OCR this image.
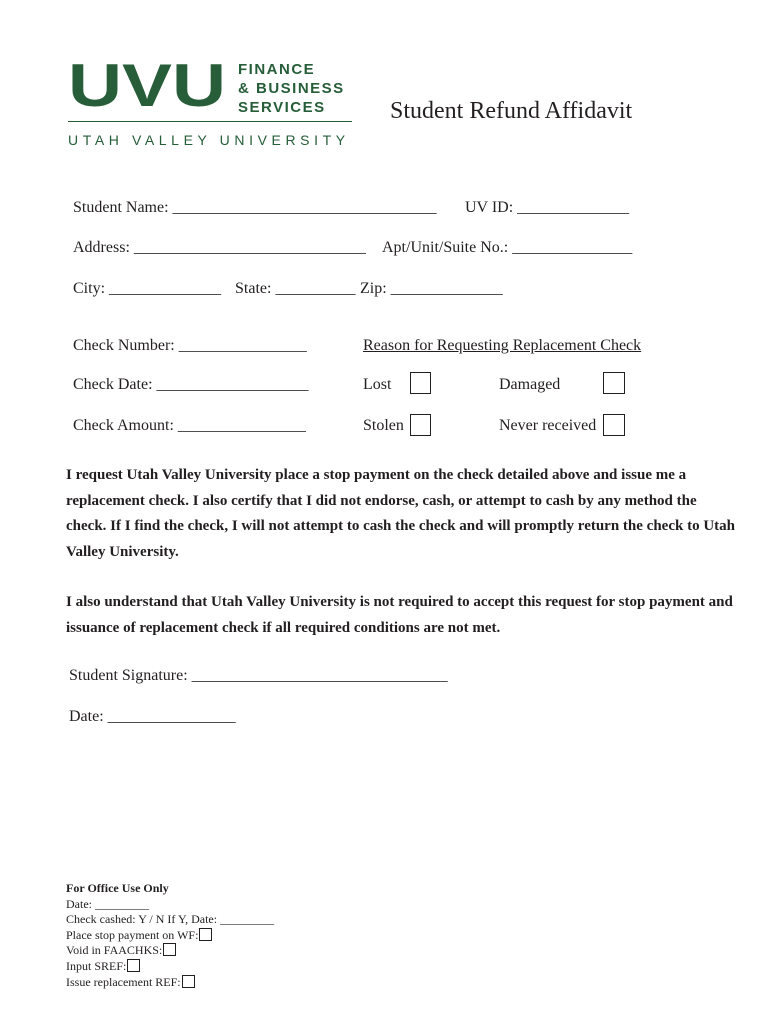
UVU FINANCE
& BUSINESS
SERVICES
UTAH VALLEY UNIVERSITY
Student Refund Affidavit
Student Name: _________________________________ UV ID: ______________
Address: _____________________________ Apt/Unit/Suite No.: _______________
City: ______________ State: __________ Zip: ______________
Check Number: ________________
Check Date: ___________________
Check Amount: ________________
Reason for Requesting Replacement Check
Lost	Damaged
Stolen	Never received
I request Utah Valley University place a stop payment on the check detailed above and issue me a replacement check. I also certify that I did not endorse, cash, or attempt to cash by any method the check. If I find the check, I will not attempt to cash the check and will promptly return the check to Utah Valley University.
I also understand that Utah Valley University is not required to accept this request for stop payment and issuance of replacement check if all required conditions are not met.
Student Signature: ________________________________
Date: ________________
For Office Use Only
Date: _________
Check cashed: Y / N If Y, Date: _________
Place stop payment on WF:
Void in FAACHKS:
Input SREF:
Issue replacement REF:
